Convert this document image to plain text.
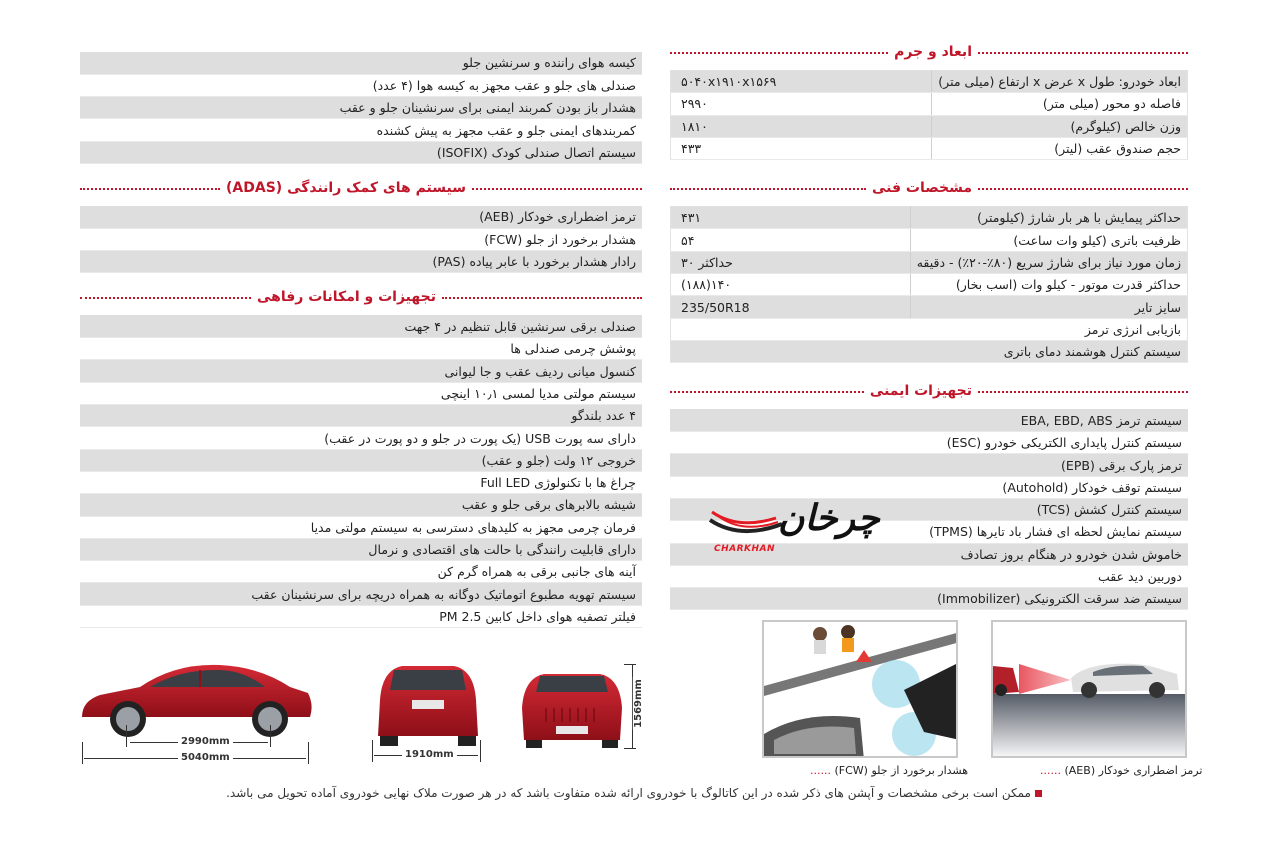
ابعاد و جرم
ابعاد خودرو: طول x عرض x ارتفاع (میلی متر)	۵۰۴۰x۱۹۱۰x۱۵۶۹
فاصله دو محور (میلی متر)	۲۹۹۰
وزن خالص (کیلوگرم)	۱۸۱۰
حجم صندوق عقب (لیتر)	۴۳۳
مشخصات فنی
حداکثر پیمایش با هر بار شارژ (کیلومتر)	۴۳۱
ظرفیت باتری (کیلو وات ساعت)	۵۴
زمان مورد نیاز برای شارژ سریع (۸۰٪-۲۰٪) - دقیقه	حداکثر ۳۰
حداکثر قدرت موتور - کیلو وات (اسب بخار)	(۱۸۸)۱۴۰
سایز تایر	235/50R18
بازیابی انرژی ترمز	
سیستم کنترل هوشمند دمای باتری	
تجهیزات ایمنی
سیستم ترمز EBA, EBD, ABS
سیستم کنترل پایداری الکتریکی خودرو (ESC)
ترمز پارک برقی (EPB)
سیستم توقف خودکار (Autohold)
سیستم کنترل کشش (TCS)
سیستم نمایش لحظه ای فشار باد تایرها (TPMS)
خاموش شدن خودرو در هنگام بروز تصادف
دوربین دید عقب
سیستم ضد سرقت الکترونیکی (Immobilizer)
کیسه هوای راننده و سرنشین جلو
صندلی های جلو و عقب مجهز به کیسه هوا (۴ عدد)
هشدار باز بودن کمربند ایمنی برای سرنشینان جلو و عقب
کمربندهای ایمنی جلو و عقب مجهز به پیش کشنده
سیستم اتصال صندلی کودک (ISOFIX)
سیستم های کمک رانندگی (ADAS)
ترمز اضطراری خودکار (AEB)
هشدار برخورد از جلو (FCW)
رادار هشدار برخورد با عابر پیاده (PAS)
تجهیزات و امکانات رفاهی
صندلی برقی سرنشین قابل تنظیم در ۴ جهت
پوشش چرمی صندلی ها
کنسول میانی ردیف عقب و جا لیوانی
سیستم مولتی مدیا لمسی ۱۰٫۱ اینچی
۴ عدد بلندگو
دارای سه پورت USB (یک پورت در جلو و دو پورت در عقب)
خروجی ۱۲ ولت (جلو و عقب)
چراغ ها با تکنولوژی Full LED
شیشه بالابرهای برقی جلو و عقب
فرمان چرمی مجهز به کلیدهای دسترسی به سیستم مولتی مدیا
دارای قابلیت رانندگی با حالت های اقتصادی و نرمال
آینه های جانبی برقی به همراه گرم کن
سیستم تهویه مطبوع اتوماتیک دوگانه به همراه دریچه برای سرنشینان عقب
فیلتر تصفیه هوای داخل کابین PM 2.5
2990mm
5040mm	1910mm
1569mm
هشدار برخورد از جلو (FCW) ......	ترمز اضطراری خودکار (AEB) ......
چرخان
CHARKHAN
ممکن است برخی مشخصات و آپشن های ذکر شده در این کاتالوگ با خودروی ارائه شده متفاوت باشد که در هر صورت ملاک نهایی خودروی آماده تحویل می باشد.
